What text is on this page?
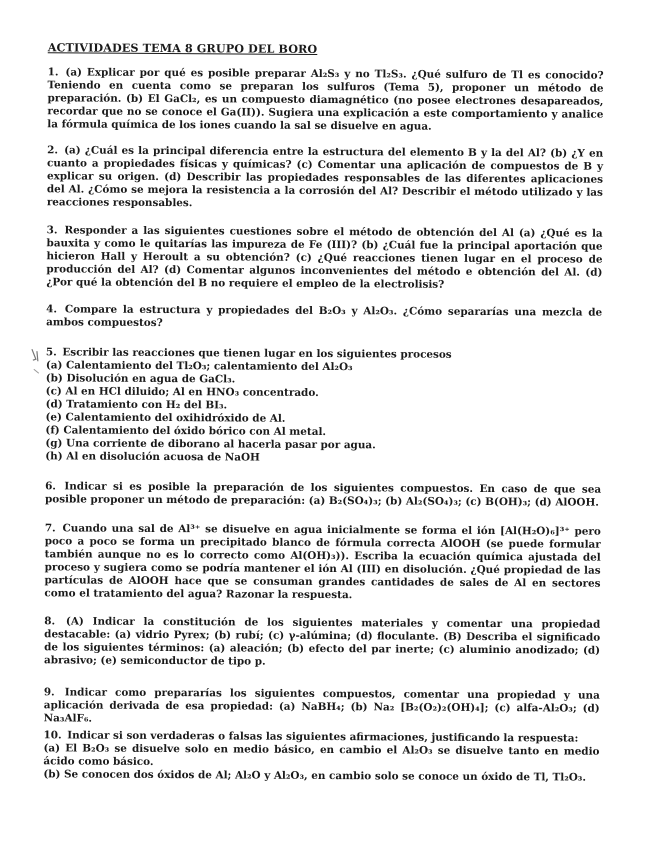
ACTIVIDADES TEMA 8 GRUPO DEL BORO
1. (a) Explicar por qué es posible preparar Al₂S₃ y no Tl₂S₃. ¿Qué sulfuro de Tl es conocido? Teniendo en cuenta como se preparan los sulfuros (Tema 5), proponer un método de preparación. (b) El GaCl₂, es un compuesto diamagnético (no posee electrones desapareados, recordar que no se conoce el Ga(II)). Sugiera una explicación a este comportamiento y analice la fórmula química de los iones cuando la sal se disuelve en agua.
2. (a) ¿Cuál es la principal diferencia entre la estructura del elemento B y la del Al? (b) ¿Y en cuanto a propiedades físicas y químicas? (c) Comentar una aplicación de compuestos de B y explicar su origen. (d) Describir las propiedades responsables de las diferentes aplicaciones del Al. ¿Cómo se mejora la resistencia a la corrosión del Al? Describir el método utilizado y las reacciones responsables.
3. Responder a las siguientes cuestiones sobre el método de obtención del Al (a) ¿Qué es la bauxita y como le quitarías las impureza de Fe (III)? (b) ¿Cuál fue la principal aportación que hicieron Hall y Heroult a su obtención? (c) ¿Qué reacciones tienen lugar en el proceso de producción del Al? (d) Comentar algunos inconvenientes del método e obtención del Al. (d) ¿Por qué la obtención del B no requiere el empleo de la electrolisis?
4. Compare la estructura y propiedades del B₂O₃ y Al₂O₃. ¿Cómo separarías una mezcla de ambos compuestos?
5. Escribir las reacciones que tienen lugar en los siguientes procesos
(a) Calentamiento del Tl₂O₃; calentamiento del Al₂O₃
(b) Disolución en agua de GaCl₃.
(c) Al en HCl diluido; Al en HNO₃ concentrado.
(d) Tratamiento con H₂ del BI₃.
(e) Calentamiento del oxihidróxido de Al.
(f) Calentamiento del óxido bórico con Al metal.
(g) Una corriente de diborano al hacerla pasar por agua.
(h) Al en disolución acuosa de NaOH
6. Indicar si es posible la preparación de los siguientes compuestos. En caso de que sea posible proponer un método de preparación: (a) B₂(SO₄)₃; (b) Al₂(SO₄)₃; (c) B(OH)₃; (d) AlOOH.
7. Cuando una sal de Al³⁺ se disuelve en agua inicialmente se forma el ión [Al(H₂O)₆]³⁺ pero poco a poco se forma un precipitado blanco de fórmula correcta AlOOH (se puede formular también aunque no es lo correcto como Al(OH)₃)). Escriba la ecuación química ajustada del proceso y sugiera como se podría mantener el ión Al (III) en disolución. ¿Qué propiedad de las partículas de AlOOH hace que se consuman grandes cantidades de sales de Al en sectores como el tratamiento del agua? Razonar la respuesta.
8. (A) Indicar la constitución de los siguientes materiales y comentar una propiedad destacable: (a) vidrio Pyrex; (b) rubí; (c) γ-alúmina; (d) floculante. (B) Describa el significado de los siguientes términos: (a) aleación; (b) efecto del par inerte; (c) aluminio anodizado; (d) abrasivo; (e) semiconductor de tipo p.
9. Indicar como prepararías los siguientes compuestos, comentar una propiedad y una aplicación derivada de esa propiedad: (a) NaBH₄; (b) Na₂ [B₂(O₂)₂(OH)₄]; (c) alfa-Al₂O₃; (d) Na₃AlF₆.
10. Indicar si son verdaderas o falsas las siguientes afirmaciones, justificando la respuesta:
(a) El B₂O₃ se disuelve solo en medio básico, en cambio el Al₂O₃ se disuelve tanto en medio ácido como básico.
(b) Se conocen dos óxidos de Al; Al₂O y Al₂O₃, en cambio solo se conoce un óxido de Tl, Tl₂O₃.
